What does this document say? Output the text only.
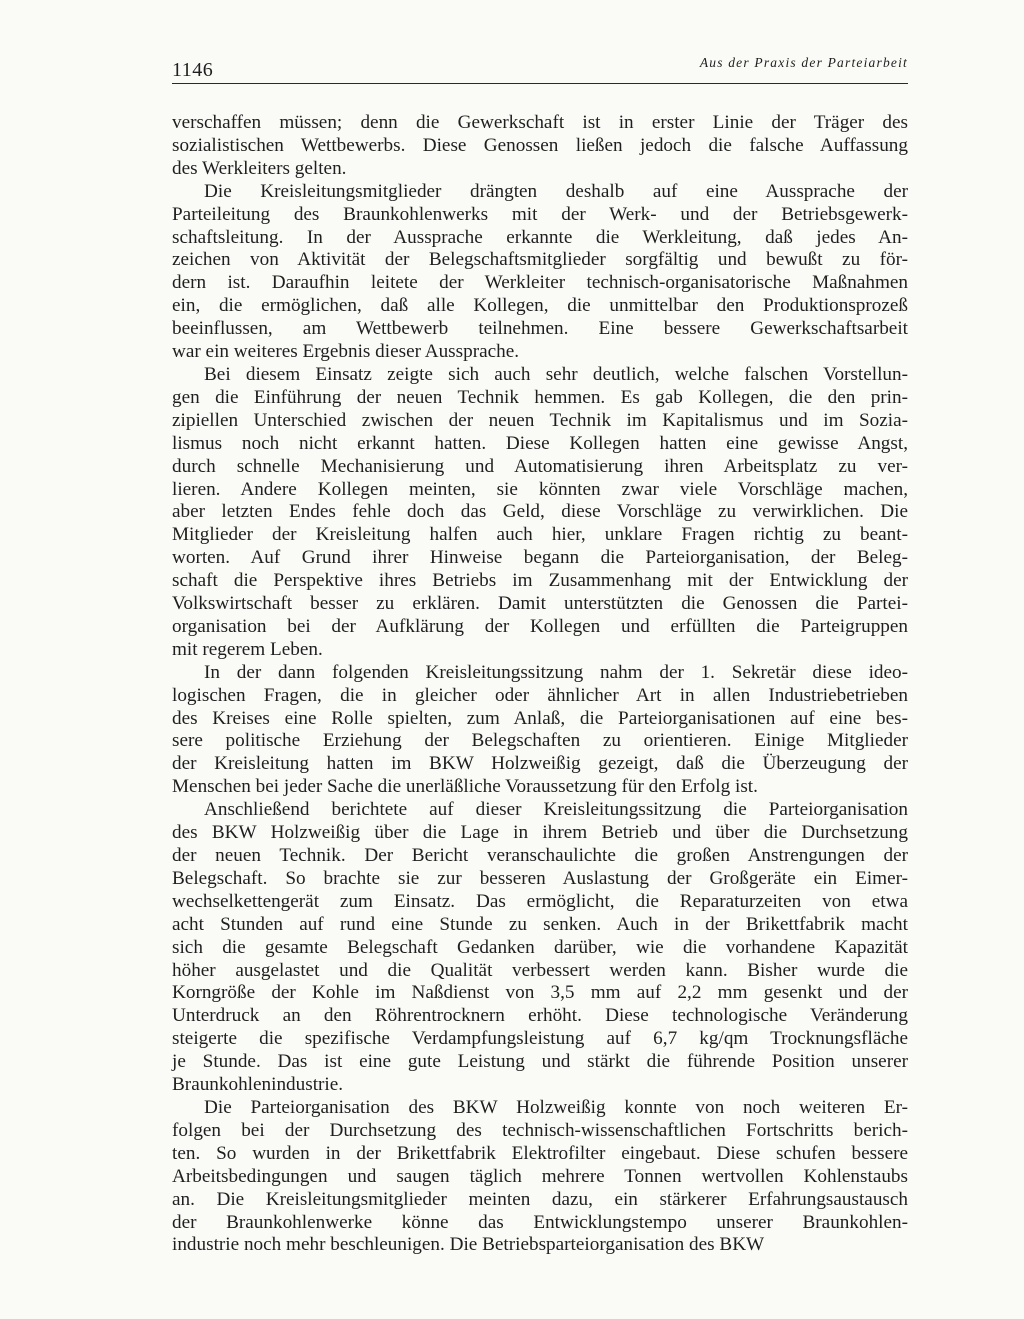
1146	Aus der Praxis der Parteiarbeit
verschaffen müssen; denn die Gewerkschaft ist in erster Linie der Träger des
sozialistischen Wettbewerbs. Diese Genossen ließen jedoch die falsche Auffassung
des Werkleiters gelten.
Die Kreisleitungsmitglieder drängten deshalb auf eine Aussprache der
Parteileitung des Braunkohlenwerks mit der Werk- und der Betriebsgewerk-
schaftsleitung. In der Aussprache erkannte die Werkleitung, daß jedes An-
zeichen von Aktivität der Belegschaftsmitglieder sorgfältig und bewußt zu för-
dern ist. Daraufhin leitete der Werkleiter technisch-organisatorische Maßnahmen
ein, die ermöglichen, daß alle Kollegen, die unmittelbar den Produktionsprozeß
beeinflussen, am Wettbewerb teilnehmen. Eine bessere Gewerkschaftsarbeit
war ein weiteres Ergebnis dieser Aussprache.
Bei diesem Einsatz zeigte sich auch sehr deutlich, welche falschen Vorstellun-
gen die Einführung der neuen Technik hemmen. Es gab Kollegen, die den prin-
zipiellen Unterschied zwischen der neuen Technik im Kapitalismus und im Sozia-
lismus noch nicht erkannt hatten. Diese Kollegen hatten eine gewisse Angst,
durch schnelle Mechanisierung und Automatisierung ihren Arbeitsplatz zu ver-
lieren. Andere Kollegen meinten, sie könnten zwar viele Vorschläge machen,
aber letzten Endes fehle doch das Geld, diese Vorschläge zu verwirklichen. Die
Mitglieder der Kreisleitung halfen auch hier, unklare Fragen richtig zu beant-
worten. Auf Grund ihrer Hinweise begann die Parteiorganisation, der Beleg-
schaft die Perspektive ihres Betriebs im Zusammenhang mit der Entwicklung der
Volkswirtschaft besser zu erklären. Damit unterstützten die Genossen die Partei-
organisation bei der Aufklärung der Kollegen und erfüllten die Parteigruppen
mit regerem Leben.
In der dann folgenden Kreisleitungssitzung nahm der 1. Sekretär diese ideo-
logischen Fragen, die in gleicher oder ähnlicher Art in allen Industriebetrieben
des Kreises eine Rolle spielten, zum Anlaß, die Parteiorganisationen auf eine bes-
sere politische Erziehung der Belegschaften zu orientieren. Einige Mitglieder
der Kreisleitung hatten im BKW Holzweißig gezeigt, daß die Überzeugung der
Menschen bei jeder Sache die unerläßliche Voraussetzung für den Erfolg ist.
Anschließend berichtete auf dieser Kreisleitungssitzung die Parteiorganisation
des BKW Holzweißig über die Lage in ihrem Betrieb und über die Durchsetzung
der neuen Technik. Der Bericht veranschaulichte die großen Anstrengungen der
Belegschaft. So brachte sie zur besseren Auslastung der Großgeräte ein Eimer-
wechselkettengerät zum Einsatz. Das ermöglicht, die Reparaturzeiten von etwa
acht Stunden auf rund eine Stunde zu senken. Auch in der Brikettfabrik macht
sich die gesamte Belegschaft Gedanken darüber, wie die vorhandene Kapazität
höher ausgelastet und die Qualität verbessert werden kann. Bisher wurde die
Korngröße der Kohle im Naßdienst von 3,5 mm auf 2,2 mm gesenkt und der
Unterdruck an den Röhrentrocknern erhöht. Diese technologische Veränderung
steigerte die spezifische Verdampfungsleistung auf 6,7 kg/qm Trocknungsfläche
je Stunde. Das ist eine gute Leistung und stärkt die führende Position unserer
Braunkohlenindustrie.
Die Parteiorganisation des BKW Holzweißig konnte von noch weiteren Er-
folgen bei der Durchsetzung des technisch-wissenschaftlichen Fortschritts berich-
ten. So wurden in der Brikettfabrik Elektrofilter eingebaut. Diese schufen bessere
Arbeitsbedingungen und saugen täglich mehrere Tonnen wertvollen Kohlenstaubs
an. Die Kreisleitungsmitglieder meinten dazu, ein stärkerer Erfahrungsaustausch
der Braunkohlenwerke könne das Entwicklungstempo unserer Braunkohlen-
industrie noch mehr beschleunigen. Die Betriebsparteiorganisation des BKW
